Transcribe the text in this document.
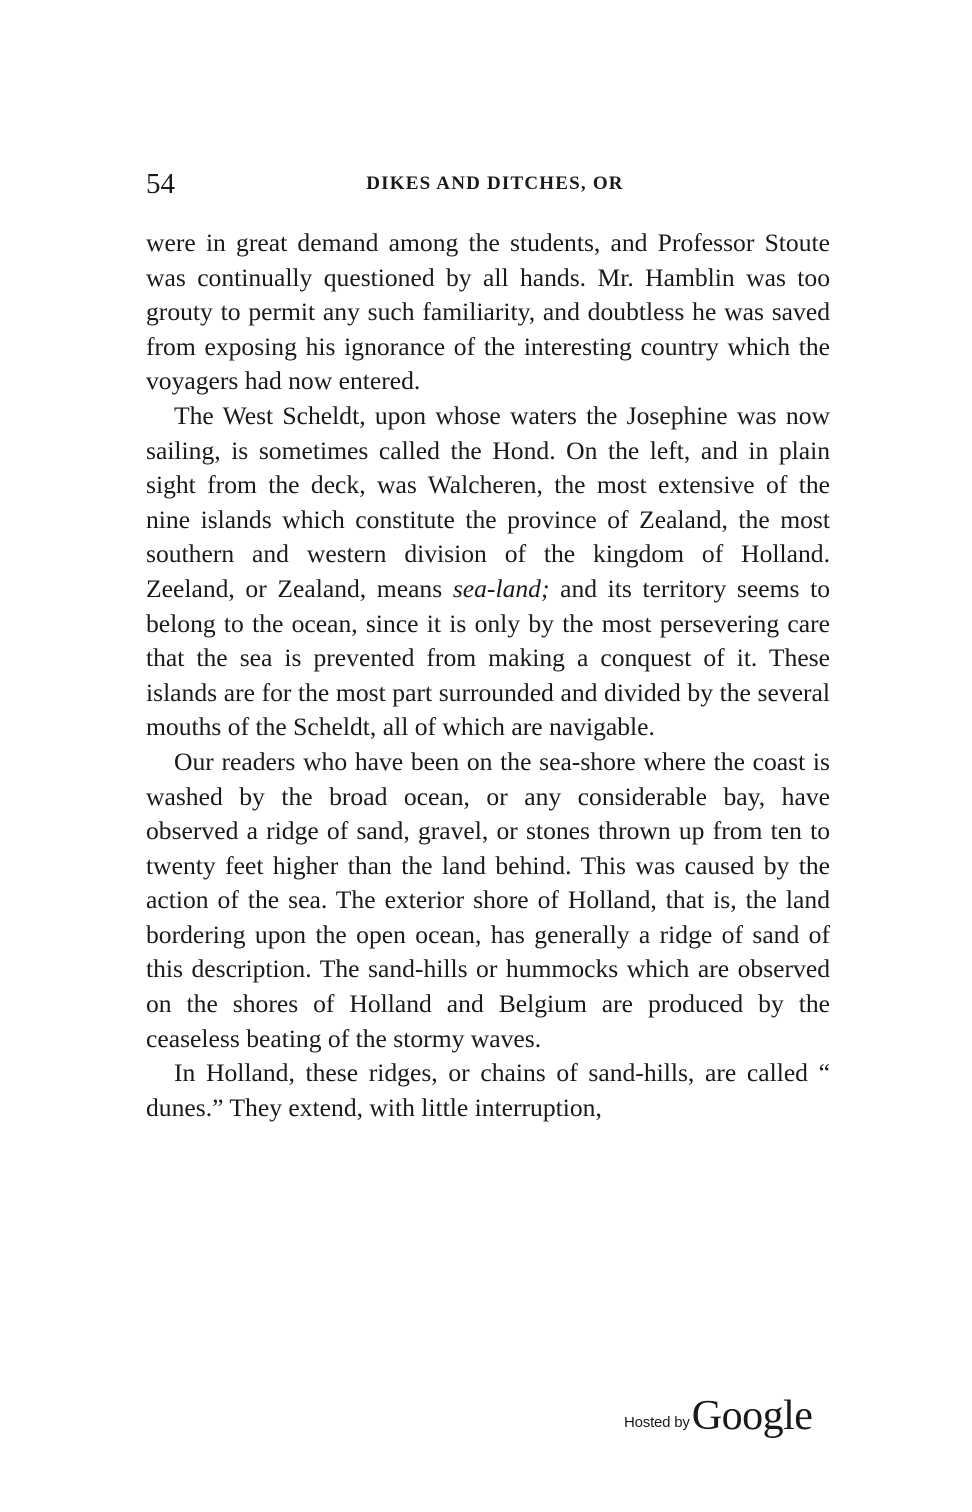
54	DIKES AND DITCHES, OR

were in great demand among the students, and Professor Stoute was continually questioned by all hands. Mr. Hamblin was too grouty to permit any such familiarity, and doubtless he was saved from exposing his ignorance of the interesting country which the voyagers had now entered.

The West Scheldt, upon whose waters the Josephine was now sailing, is sometimes called the Hond. On the left, and in plain sight from the deck, was Walcheren, the most extensive of the nine islands which constitute the province of Zealand, the most southern and western division of the kingdom of Holland. Zeeland, or Zealand, means sea-land; and its territory seems to belong to the ocean, since it is only by the most persevering care that the sea is prevented from making a conquest of it. These islands are for the most part surrounded and divided by the several mouths of the Scheldt, all of which are navigable.

Our readers who have been on the sea-shore where the coast is washed by the broad ocean, or any considerable bay, have observed a ridge of sand, gravel, or stones thrown up from ten to twenty feet higher than the land behind. This was caused by the action of the sea. The exterior shore of Holland, that is, the land bordering upon the open ocean, has generally a ridge of sand of this description. The sand-hills or hummocks which are observed on the shores of Holland and Belgium are produced by the ceaseless beating of the stormy waves.

In Holland, these ridges, or chains of sand-hills, are called “ dunes.” They extend, with little interruption,

Hosted byGoogle
